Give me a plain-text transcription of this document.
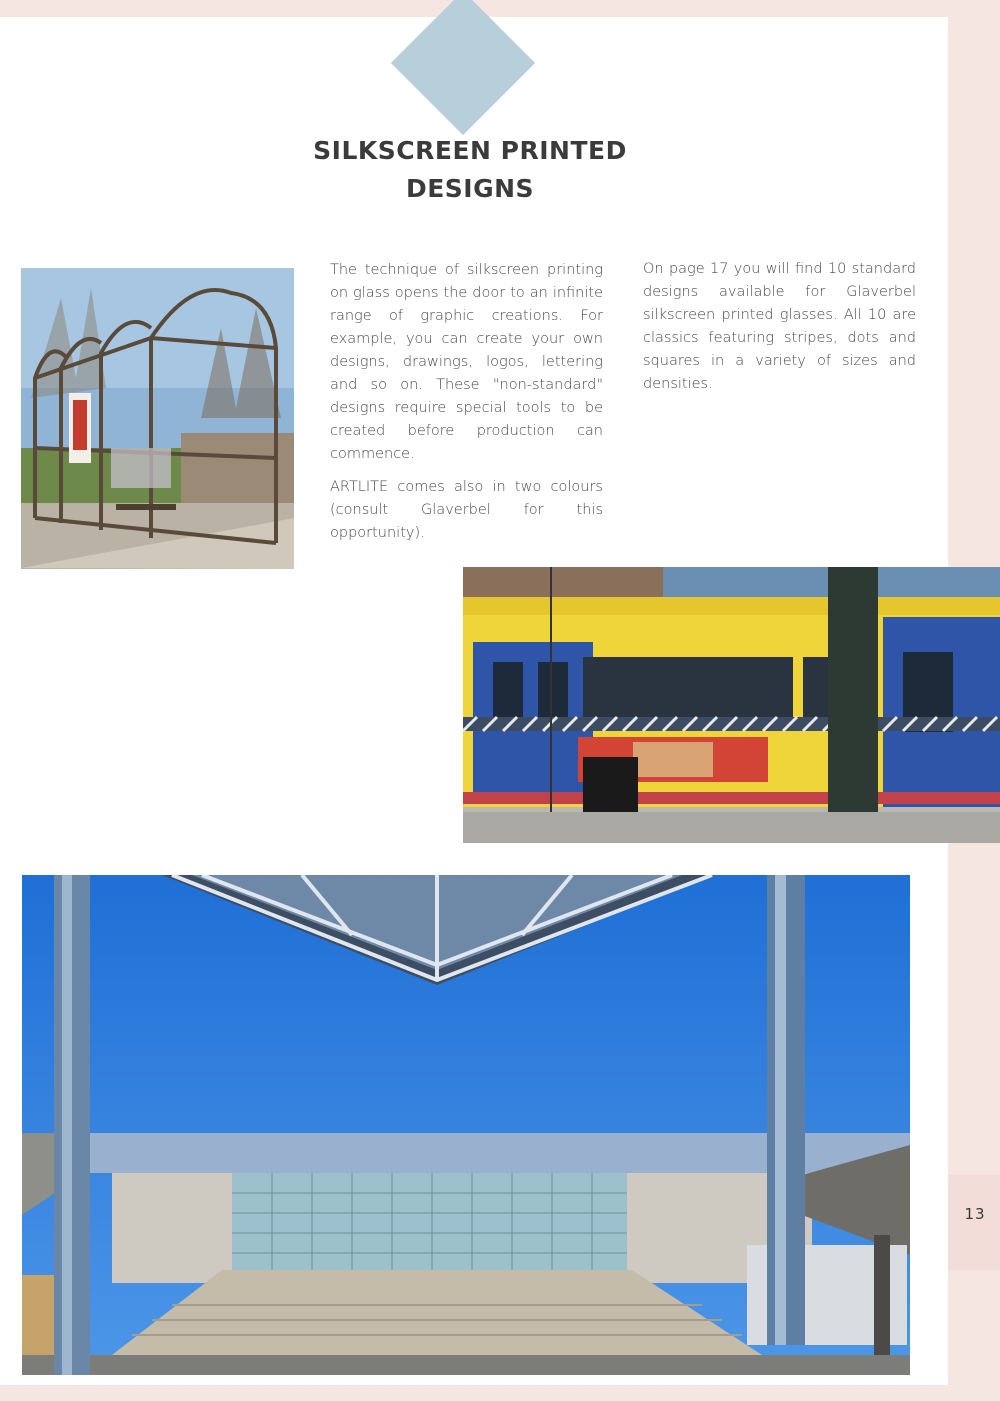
13
SILKSCREEN PRINTED
DESIGNS

The technique of silkscreen printing on glass opens the door to an infinite range of graphic creations. For example, you can create your own designs, drawings, logos, lettering and so on. These "non-standard" designs require special tools to be created before production can commence.

ARTLITE comes also in two colours (consult Glaverbel for this opportunity).

On page 17 you will find 10 standard designs available for Glaverbel silkscreen printed glasses. All 10 are classics featuring stripes, dots and squares in a variety of sizes and densities.
